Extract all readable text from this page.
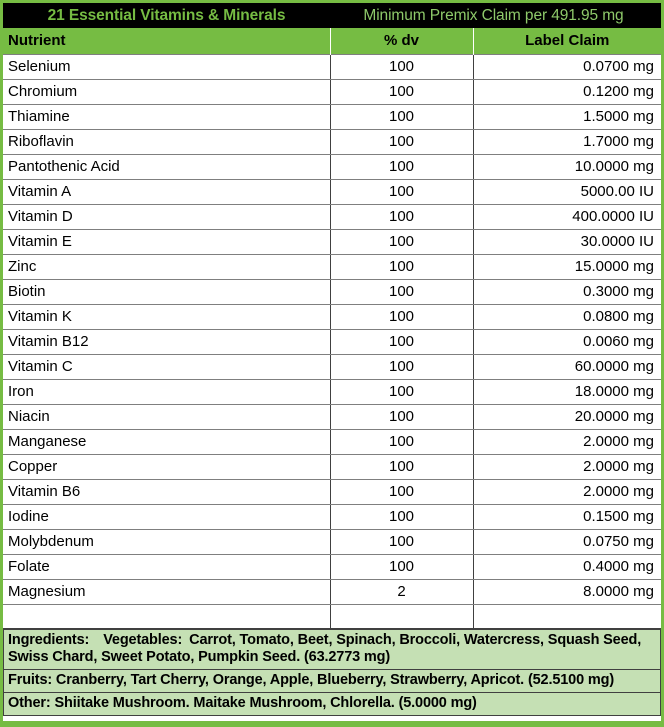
21 Essential Vitamins & Minerals	Minimum Premix Claim per 491.95 mg
Nutrient	% dv	Label Claim
Selenium	100	0.0700 mg
Chromium	100	0.1200 mg
Thiamine	100	1.5000 mg
Riboflavin	100	1.7000 mg
Pantothenic Acid	100	10.0000 mg
Vitamin A	100	5000.00 IU
Vitamin D	100	400.0000 IU
Vitamin E	100	30.0000 IU
Zinc	100	15.0000 mg
Biotin	100	0.3000 mg
Vitamin K	100	0.0800 mg
Vitamin B12	100	0.0060 mg
Vitamin C	100	60.0000 mg
Iron	100	18.0000 mg
Niacin	100	20.0000 mg
Manganese	100	2.0000 mg
Copper	100	2.0000 mg
Vitamin B6	100	2.0000 mg
Iodine	100	0.1500 mg
Molybdenum	100	0.0750 mg
Folate	100	0.4000 mg
Magnesium	2	8.0000 mg

Ingredients: Vegetables: Carrot, Tomato, Beet, Spinach, Broccoli, Watercress, Squash Seed,
Swiss Chard, Sweet Potato, Pumpkin Seed. (63.2773 mg)
Fruits: Cranberry, Tart Cherry, Orange, Apple, Blueberry, Strawberry, Apricot. (52.5100 mg)
Other: Shiitake Mushroom. Maitake Mushroom, Chlorella. (5.0000 mg)
